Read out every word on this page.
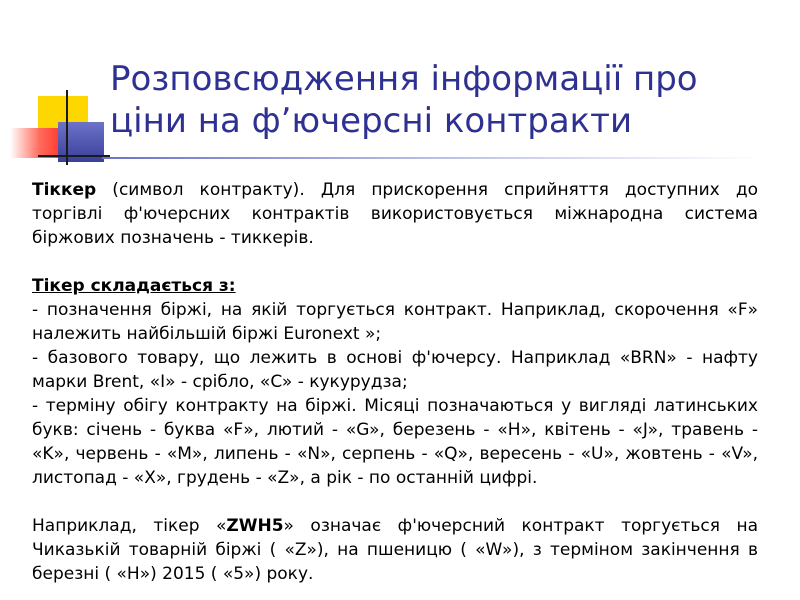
Розповсюдження інформації про
ціни на ф’ючерсні контракти

Тіккер (символ контракту). Для прискорення сприйняття доступних до торгівлі ф'ючерсних контрактів використовується міжнародна система біржових позначень - тиккерів.

Тікер складається з:

- позначення біржі, на якій торгується контракт. Наприклад, скорочення «F» належить найбільшій біржі Euronext »;

- базового товару, що лежить в основі ф'ючерсу. Наприклад «BRN» - нафту марки Brent, «I» - срібло, «C» - кукурудза;

- терміну обігу контракту на біржі. Місяці позначаються у вигляді латинських букв: січень - буква «F», лютий - «G», березень - «H», квітень - «J», травень - «K», червень - «M», липень - «N», серпень - «Q», вересень - «U», жовтень - «V», листопад - «X», грудень - «Z», а рік - по останній цифрі.

Наприклад, тікер «ZWH5» означає ф'ючерсний контракт торгується на Чиказькій товарній біржі ( «Z»), на пшеницю ( «W»), з терміном закінчення в березні ( «H») 2015 ( «5») року.
